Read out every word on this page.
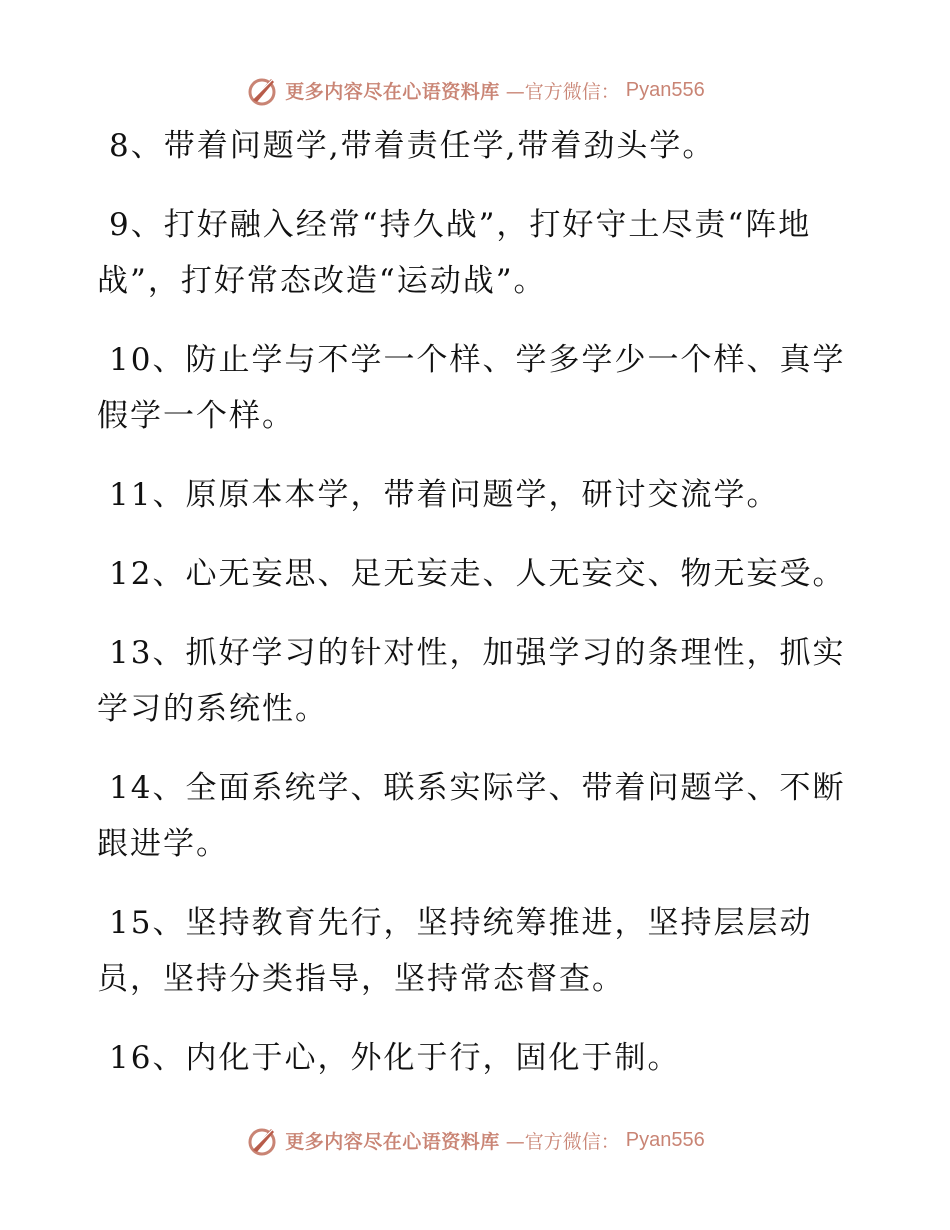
更多内容尽在心语资料库 —官方微信： Pyan556

8、带着问题学,带着责任学,带着劲头学。

9、打好融入经常“持久战”，打好守土尽责“阵地战”，打好常态改造“运动战”。

10、防止学与不学一个样、学多学少一个样、真学假学一个样。

11、原原本本学，带着问题学，研讨交流学。

12、心无妄思、足无妄走、人无妄交、物无妄受。

13、抓好学习的针对性，加强学习的条理性，抓实学习的系统性。

14、全面系统学、联系实际学、带着问题学、不断跟进学。

15、坚持教育先行，坚持统筹推进，坚持层层动员，坚持分类指导，坚持常态督查。

16、内化于心，外化于行，固化于制。

更多内容尽在心语资料库 —官方微信： Pyan556
